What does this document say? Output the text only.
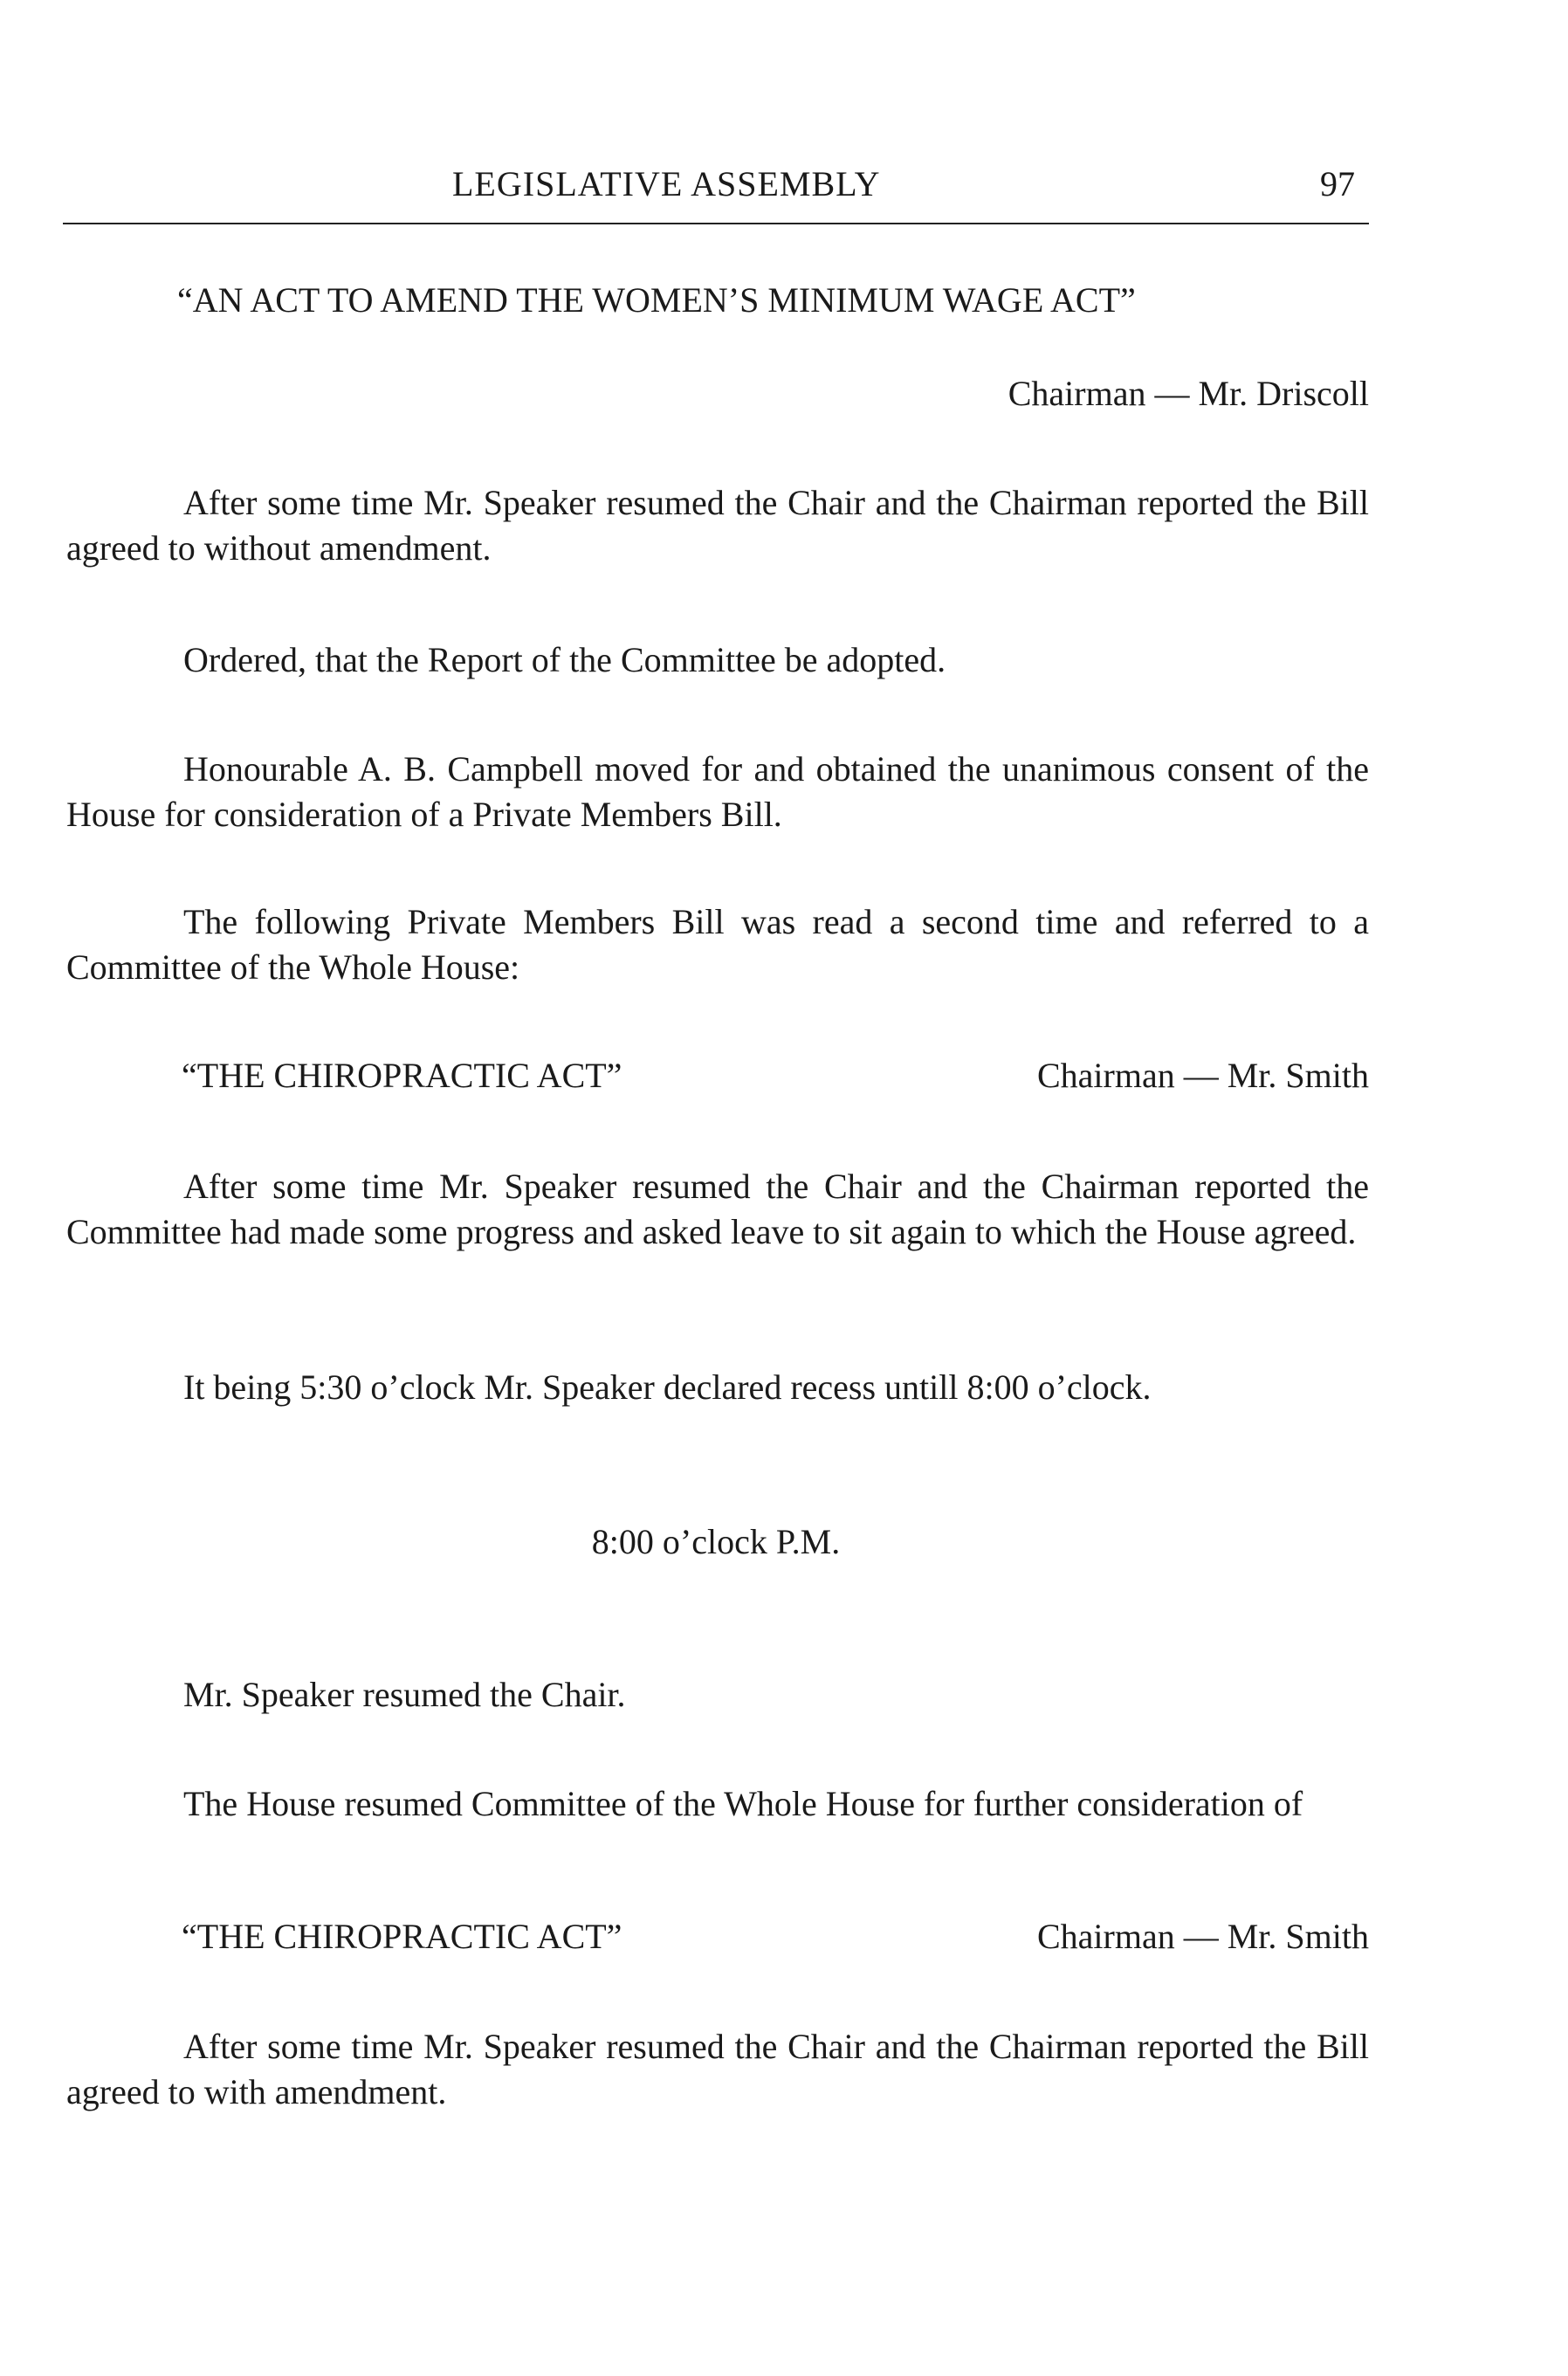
LEGISLATIVE ASSEMBLY	97
“AN ACT TO AMEND THE WOMEN’S MINIMUM WAGE ACT”
Chairman — Mr. Driscoll
After some time Mr. Speaker resumed the Chair and the Chairman reported the Bill agreed to without amendment.
Ordered, that the Report of the Committee be adopted.
Honourable A. B. Campbell moved for and obtained the unanimous consent of the House for consideration of a Private Members Bill.
The following Private Members Bill was read a second time and referred to a Committee of the Whole House:
“THE CHIROPRACTIC ACT”	Chairman — Mr. Smith
After some time Mr. Speaker resumed the Chair and the Chairman reported the Committee had made some progress and asked leave to sit again to which the House agreed.
It being 5:30 o’clock Mr. Speaker declared recess untill 8:00 o’clock.
8:00 o’clock P.M.
Mr. Speaker resumed the Chair.
The House resumed Committee of the Whole House for further consideration of
“THE CHIROPRACTIC ACT”	Chairman — Mr. Smith
After some time Mr. Speaker resumed the Chair and the Chairman reported the Bill agreed to with amendment.
